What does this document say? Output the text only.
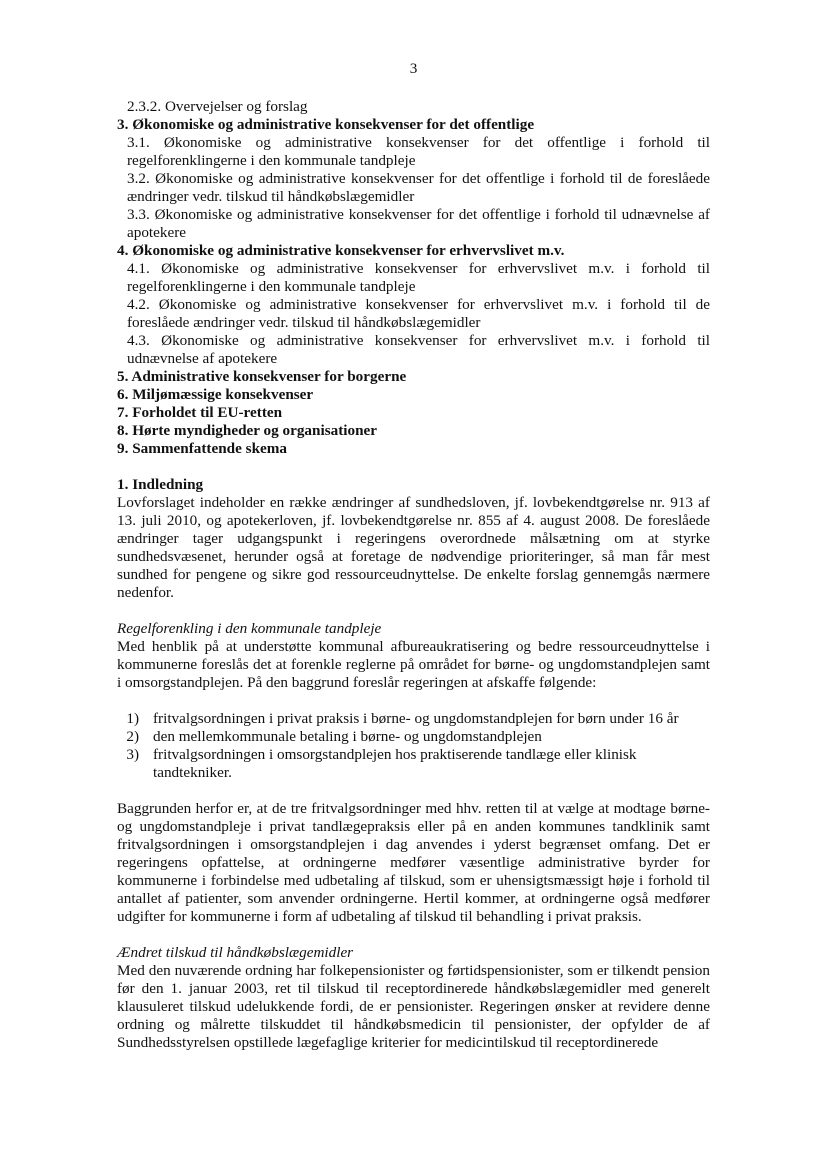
3

2.3.2. Overvejelser og forslag

3. Økonomiske og administrative konsekvenser for det offentlige

3.1. Økonomiske og administrative konsekvenser for det offentlige i forhold til regelforenklingerne i den kommunale tandpleje

3.2. Økonomiske og administrative konsekvenser for det offentlige i forhold til de foreslåede ændringer vedr. tilskud til håndkøbslægemidler

3.3. Økonomiske og administrative konsekvenser for det offentlige i forhold til udnævnelse af apotekere

4. Økonomiske og administrative konsekvenser for erhvervslivet m.v.

4.1. Økonomiske og administrative konsekvenser for erhvervslivet m.v. i forhold til regelforenklingerne i den kommunale tandpleje

4.2. Økonomiske og administrative konsekvenser for erhvervslivet m.v. i forhold til de foreslåede ændringer vedr. tilskud til håndkøbslægemidler

4.3. Økonomiske og administrative konsekvenser for erhvervslivet m.v. i forhold til udnævnelse af apotekere

5. Administrative konsekvenser for borgerne

6. Miljømæssige konsekvenser

7. Forholdet til EU-retten

8. Hørte myndigheder og organisationer

9. Sammenfattende skema

1. Indledning

Lovforslaget indeholder en række ændringer af sundhedsloven, jf. lovbekendtgørelse nr. 913 af 13. juli 2010, og apotekerloven, jf. lovbekendtgørelse nr. 855 af 4. august 2008. De foreslåede ændringer tager udgangspunkt i regeringens overordnede målsætning om at styrke sundhedsvæsenet, herunder også at foretage de nødvendige prioriteringer, så man får mest sundhed for pengene og sikre god ressourceudnyttelse. De enkelte forslag gennemgås nærmere nedenfor.

Regelforenkling i den kommunale tandpleje

Med henblik på at understøtte kommunal afbureaukratisering og bedre ressourceudnyttelse i kommunerne foreslås det at forenkle reglerne på området for børne- og ungdomstandplejen samt i omsorgstandplejen. På den baggrund foreslår regeringen at afskaffe følgende:

1) fritvalgsordningen i privat praksis i børne- og ungdomstandplejen for børn under 16 år
2) den mellemkommunale betaling i børne- og ungdomstandplejen
3) fritvalgsordningen i omsorgstandplejen hos praktiserende tandlæge eller klinisk tandtekniker.

Baggrunden herfor er, at de tre fritvalgsordninger med hhv. retten til at vælge at modtage børne- og ungdomstandpleje i privat tandlægepraksis eller på en anden kommunes tandklinik samt fritvalgsordningen i omsorgstandplejen i dag anvendes i yderst begrænset omfang. Det er regeringens opfattelse, at ordningerne medfører væsentlige administrative byrder for kommunerne i forbindelse med udbetaling af tilskud, som er uhensigtsmæssigt høje i forhold til antallet af patienter, som anvender ordningerne. Hertil kommer, at ordningerne også medfører udgifter for kommunerne i form af udbetaling af tilskud til behandling i privat praksis.

Ændret tilskud til håndkøbslægemidler

Med den nuværende ordning har folkepensionister og førtidspensionister, som er tilkendt pension før den 1. januar 2003, ret til tilskud til receptordinerede håndkøbslægemidler med generelt klausuleret tilskud udelukkende fordi, de er pensionister. Regeringen ønsker at revidere denne ordning og målrette tilskuddet til håndkøbsmedicin til pensionister, der opfylder de af Sundhedsstyrelsen opstillede lægefaglige kriterier for medicintilskud til receptordinerede
